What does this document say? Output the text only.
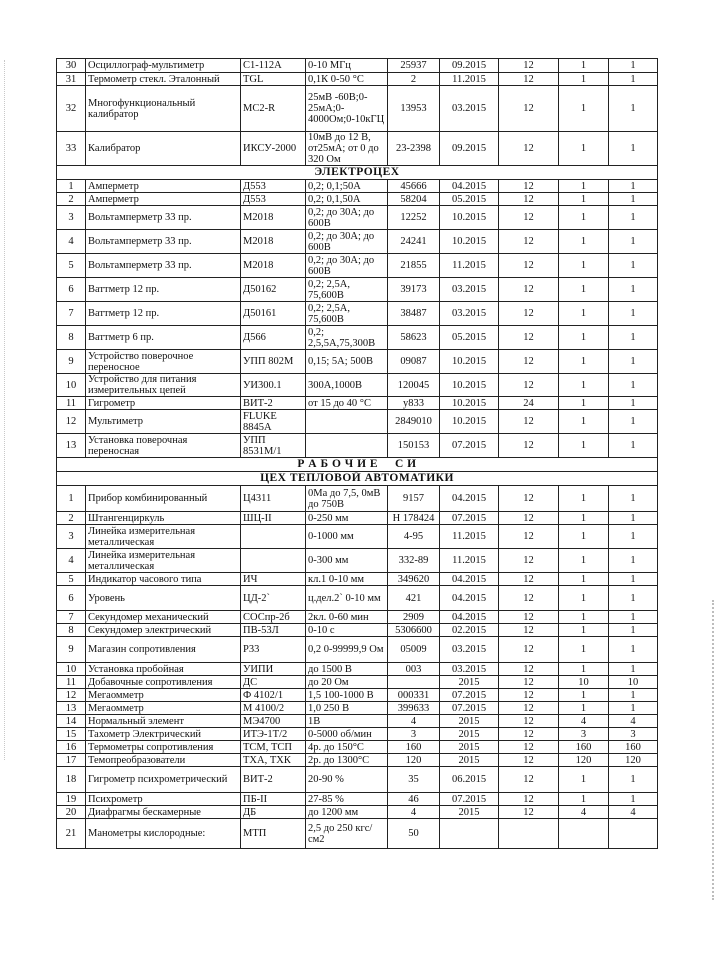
30	Осциллограф-мультиметр	С1-112А	0-10 МГц	25937	09.2015	12	1	1
31	Термометр стекл. Эталонный	TGL	0,1К 0-50 °С	2	11.2015	12	1	1
32	Многофункциональный калибратор	МС2-R	25мВ -60В;0-25мА;0-4000Ом;0-10кГЦ	13953	03.2015	12	1	1
33	Калибратор	ИКСУ-2000	10мВ до 12 В, от25мА; от 0 до 320 Ом	23-2398	09.2015	12	1	1
ЭЛЕКТРОЦЕХ								
1	Амперметр	Д553	0,2; 0,1;50А	45666	04.2015	12	1	1
2	Амперметр	Д553	0,2; 0,1,50А	58204	05.2015	12	1	1
3	Вольтамперметр 33 пр.	М2018	0,2; до 30А; до 600В	12252	10.2015	12	1	1
4	Вольтамперметр 33 пр.	М2018	0,2; до 30А; до 600В	24241	10.2015	12	1	1
5	Вольтамперметр 33 пр.	М2018	0,2; до 30А; до 600В	21855	11.2015	12	1	1
6	Ваттметр 12 пр.	Д50162	0,2; 2,5А, 75,600В	39173	03.2015	12	1	1
7	Ваттметр 12 пр.	Д50161	0,2; 2,5А, 75,600В	38487	03.2015	12	1	1
8	Ваттметр 6 пр.	Д566	0,2; 2,5,5А,75,300В	58623	05.2015	12	1	1
9	Устройство поверочное переносное	УПП 802М	0,15; 5А; 500В	09087	10.2015	12	1	1
10	Устройство для питания измерительных цепей	УИ300.1	300А,1000В	120045	10.2015	12	1	1
11	Гигрометр	ВИТ-2	от 15 до 40 °С	у833	10.2015	24	1	1
12	Мультиметр	FLUKE 8845A		2849010	10.2015	12	1	1
13	Установка поверочная переносная	УПП 8531М/1		150153	07.2015	12	1	1
Р А Б О Ч И Е     С И								
ЦЕХ ТЕПЛОВОЙ АВТОМАТИКИ								
1	Прибор комбинированный	Ц4311	0Ма до 7,5, 0мВ до 750В	9157	04.2015	12	1	1
2	Штангенциркуль	ШЦ-II	0-250 мм	Н 178424	07.2015	12	1	1
3	Линейка измерительная металлическая		0-1000 мм	4-95	11.2015	12	1	1
4	Линейка измерительная металлическая		0-300 мм	332-89	11.2015	12	1	1
5	Индикатор часового типа	ИЧ	кл.1 0-10 мм	349620	04.2015	12	1	1
6	Уровень	ЦД-2`	ц.дел.2` 0-10 мм	421	04.2015	12	1	1
7	Секундомер механический	СОСпр-2б	2кл. 0-60 мин	2909	04.2015	12	1	1
8	Секундомер электрический	ПВ-53Л	0-10 с	5306600	02.2015	12	1	1
9	Магазин сопротивления	Р33	0,2 0-99999,9 Ом	05009	03.2015	12	1	1
10	Установка пробойная	УИПИ	до 1500 В	003	03.2015	12	1	1
11	Добавочные сопротивления	ДС	до 20 Ом		2015	12	10	10
12	Мегаомметр	Ф 4102/1	1,5 100-1000 В	000331	07.2015	12	1	1
13	Мегаомметр	М 4100/2	1,0 250 В	399633	07.2015	12	1	1
14	Нормальный элемент	МЭ4700	1В	4	2015	12	4	4
15	Тахометр Электрический	ИТЭ-1Т/2	0-5000 об/мин	3	2015	12	3	3
16	Термометры сопротивления	ТСМ, ТСП	4р. до 150°С	160	2015	12	160	160
17	Темопреобразователи	ТХА, ТХК	2р. до 1300°С	120	2015	12	120	120
18	Гигрометр психрометрический	ВИТ-2	20-90 %	35	06.2015	12	1	1
19	Психрометр	ПБ-II	27-85 %	46	07.2015	12	1	1
20	Диафрагмы бескамерные	ДБ	до 1200 мм	4	2015	12	4	4
21	Манометры кислородные:	МТП	2,5 до 250 кгс/см2	50				
